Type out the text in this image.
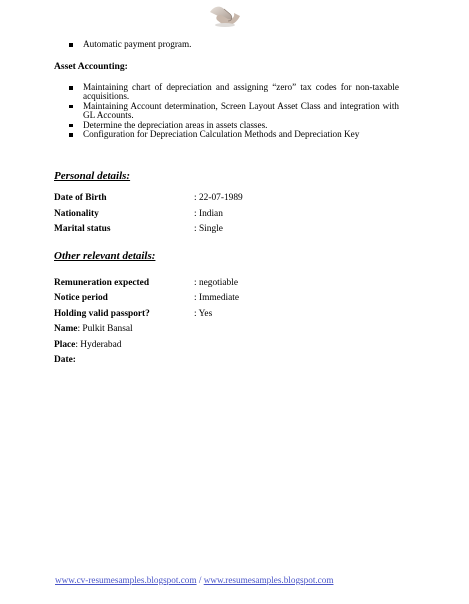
Automatic payment program.
Asset Accounting:
Maintaining chart of depreciation and assigning “zero” tax codes for non-taxable acquisitions.
Maintaining Account determination, Screen Layout Asset Class and integration with GL Accounts.
Determine the depreciation areas in assets classes.
Configuration for Depreciation Calculation Methods and Depreciation Key
Personal details:
Date of Birth	: 22-07-1989
Nationality	: Indian
Marital status	: Single
Other relevant details:
Remuneration expected	: negotiable
Notice period	: Immediate
Holding valid passport?	: Yes
Name: Pulkit Bansal
Place: Hyderabad
Date:
www.cv-resumesamples.blogspot.com / www.resumesamples.blogspot.com
